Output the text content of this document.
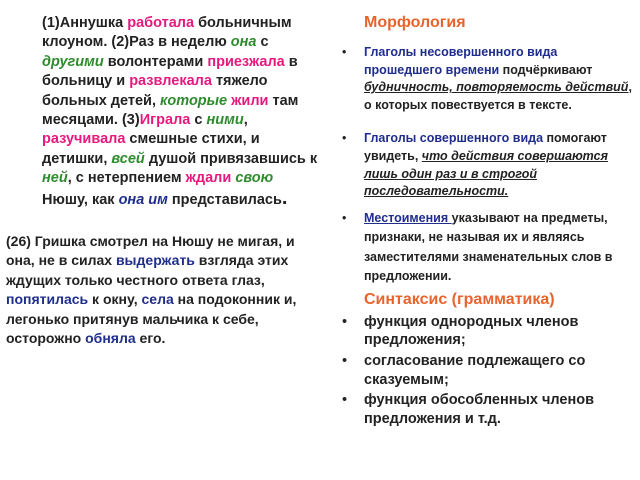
(1)Аннушка работала больничным клоуном. (2)Раз в неделю она с другими волонтерами приезжала в больницу и развлекала тяжело больных детей, которые жили там месяцами. (3)Играла с ними, разучивала смешные стихи, и детишки, всей душой привязавшись к ней, с нетерпением ждали свою Нюшу, как она им представилась.

(26) Гришка смотрел на Нюшу не мигая, и она, не в силах выдержать взгляда этих ждущих только честного ответа глаз, попятилась к окну, села на подоконник и, легонько притянув мальчика к себе, осторожно обняла его.

Морфология

• Глаголы несовершенного вида прошедшего времени подчёркивают будничность, повторяемость действий, о которых повествуется в тексте.
• Глаголы совершенного вида помогают увидеть, что действия совершаются лишь один раз и в строгой последовательности.
• Местоимения указывают на предметы, признаки, не называя их и являясь заместителями знаменательных слов в предложении.

Синтаксис (грамматика)

• функция однородных членов предложения;
• согласование подлежащего со сказуемым;
• функция обособленных членов предложения и т.д.
